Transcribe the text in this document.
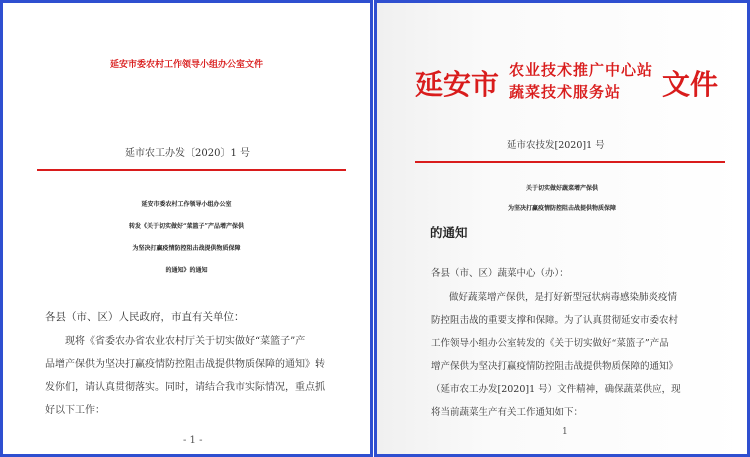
延安市委农村工作领导小组办公室文件
延市农工办发〔2020〕1 号
延安市委农村工作领导小组办公室
转发《关于切实做好“菜篮子”产品增产保供
为坚决打赢疫情防控阻击战提供物质保障
的通知》的通知
各县（市、区）人民政府，市直有关单位：
现将《省委农办省农业农村厅关于切实做好“菜篮子”产
品增产保供为坚决打赢疫情防控阻击战提供物质保障的通知》转
发你们，请认真贯彻落实。同时，请结合我市实际情况，重点抓
好以下工作：
- 1 -
延安市 农业技术推广中心站
蔬菜技术服务站 文件
延市农技发[2020]1 号
关于切实做好蔬菜增产保供
为坚决打赢疫情防控阻击战提供物质保障
的通知
各县（市、区）蔬菜中心（办）：
做好蔬菜增产保供，是打好新型冠状病毒感染肺炎疫情
防控阻击战的重要支撑和保障。为了认真贯彻延安市委农村
工作领导小组办公室转发的《关于切实做好“菜篮子”产品
增产保供为坚决打赢疫情防控阻击战提供物质保障的通知》
（延市农工办发[2020]1 号）文件精神，确保蔬菜供应，现
将当前蔬菜生产有关工作通知如下：
1
